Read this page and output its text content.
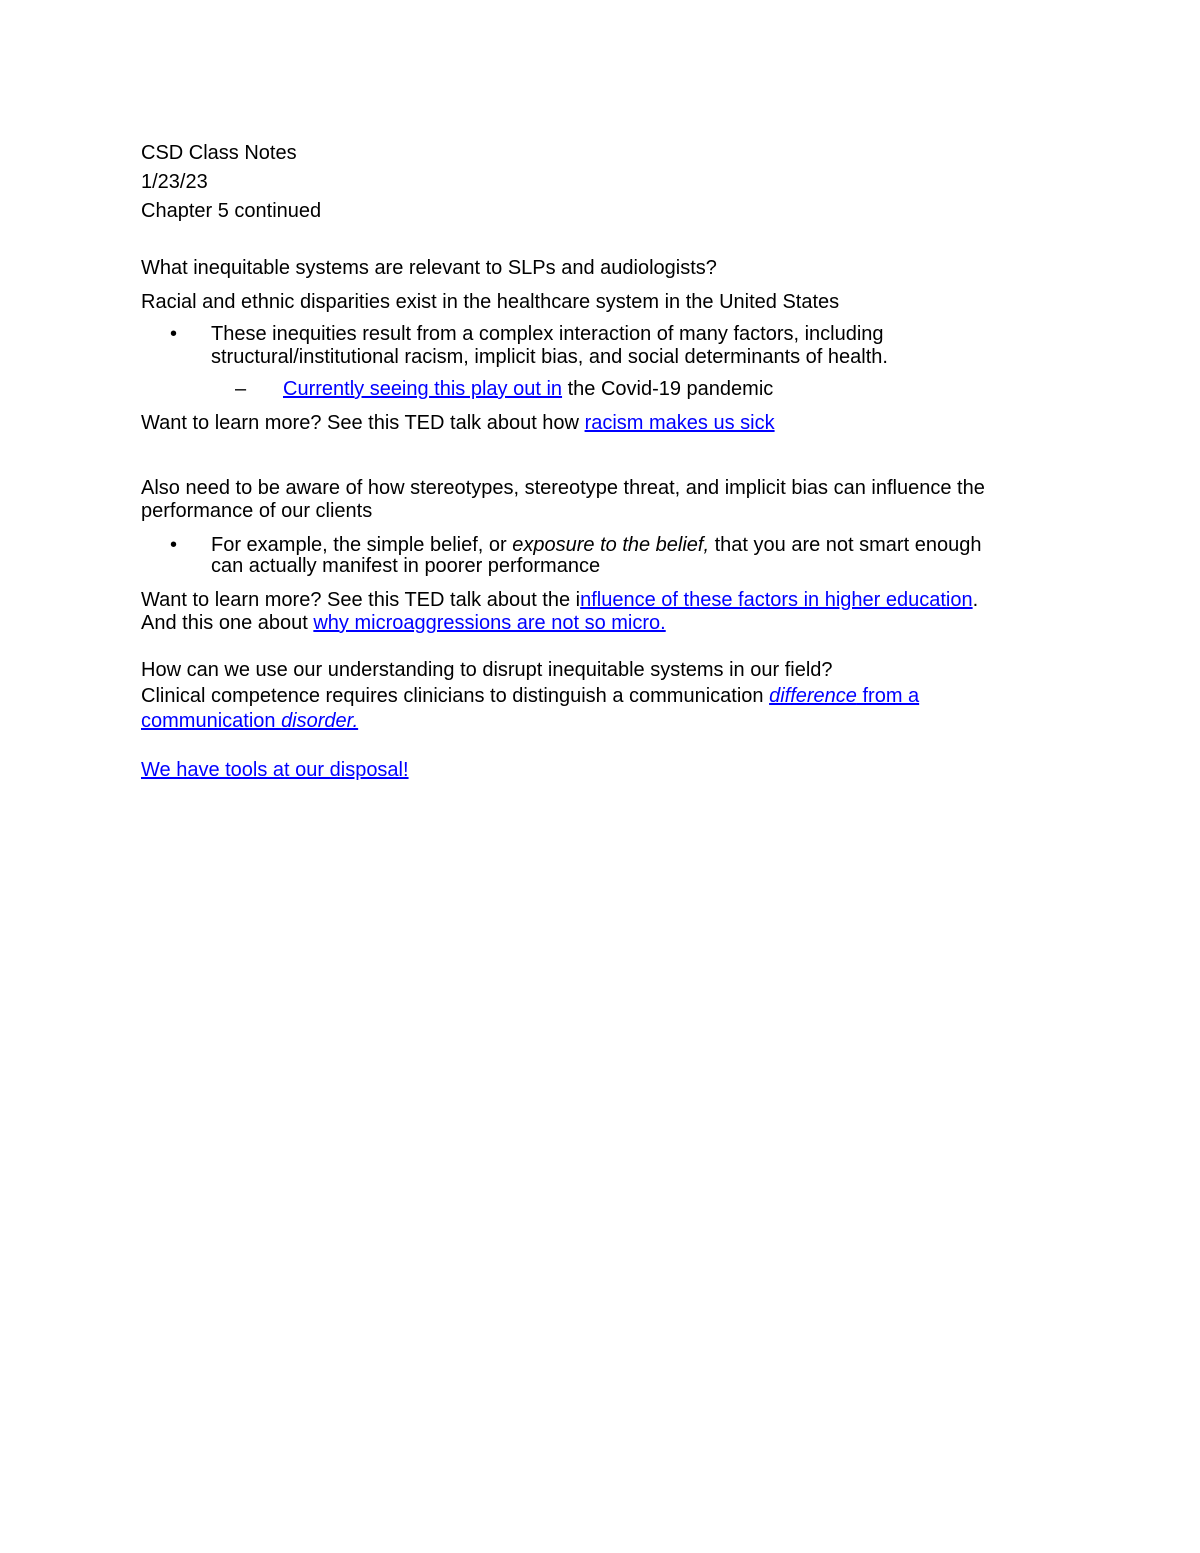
CSD Class Notes
1/23/23
Chapter 5 continued
What inequitable systems are relevant to SLPs and audiologists?
Racial and ethnic disparities exist in the healthcare system in the United States
• These inequities result from a complex interaction of many factors, including
structural/institutional racism, implicit bias, and social determinants of health.
– Currently seeing this play out in the Covid-19 pandemic
Want to learn more? See this TED talk about how racism makes us sick
Also need to be aware of how stereotypes, stereotype threat, and implicit bias can influence the
performance of our clients
• For example, the simple belief, or exposure to the belief, that you are not smart enough
can actually manifest in poorer performance
Want to learn more? See this TED talk about the influence of these factors in higher education.
And this one about why microaggressions are not so micro.
How can we use our understanding to disrupt inequitable systems in our field?
Clinical competence requires clinicians to distinguish a communication difference from a
communication disorder.
We have tools at our disposal!
